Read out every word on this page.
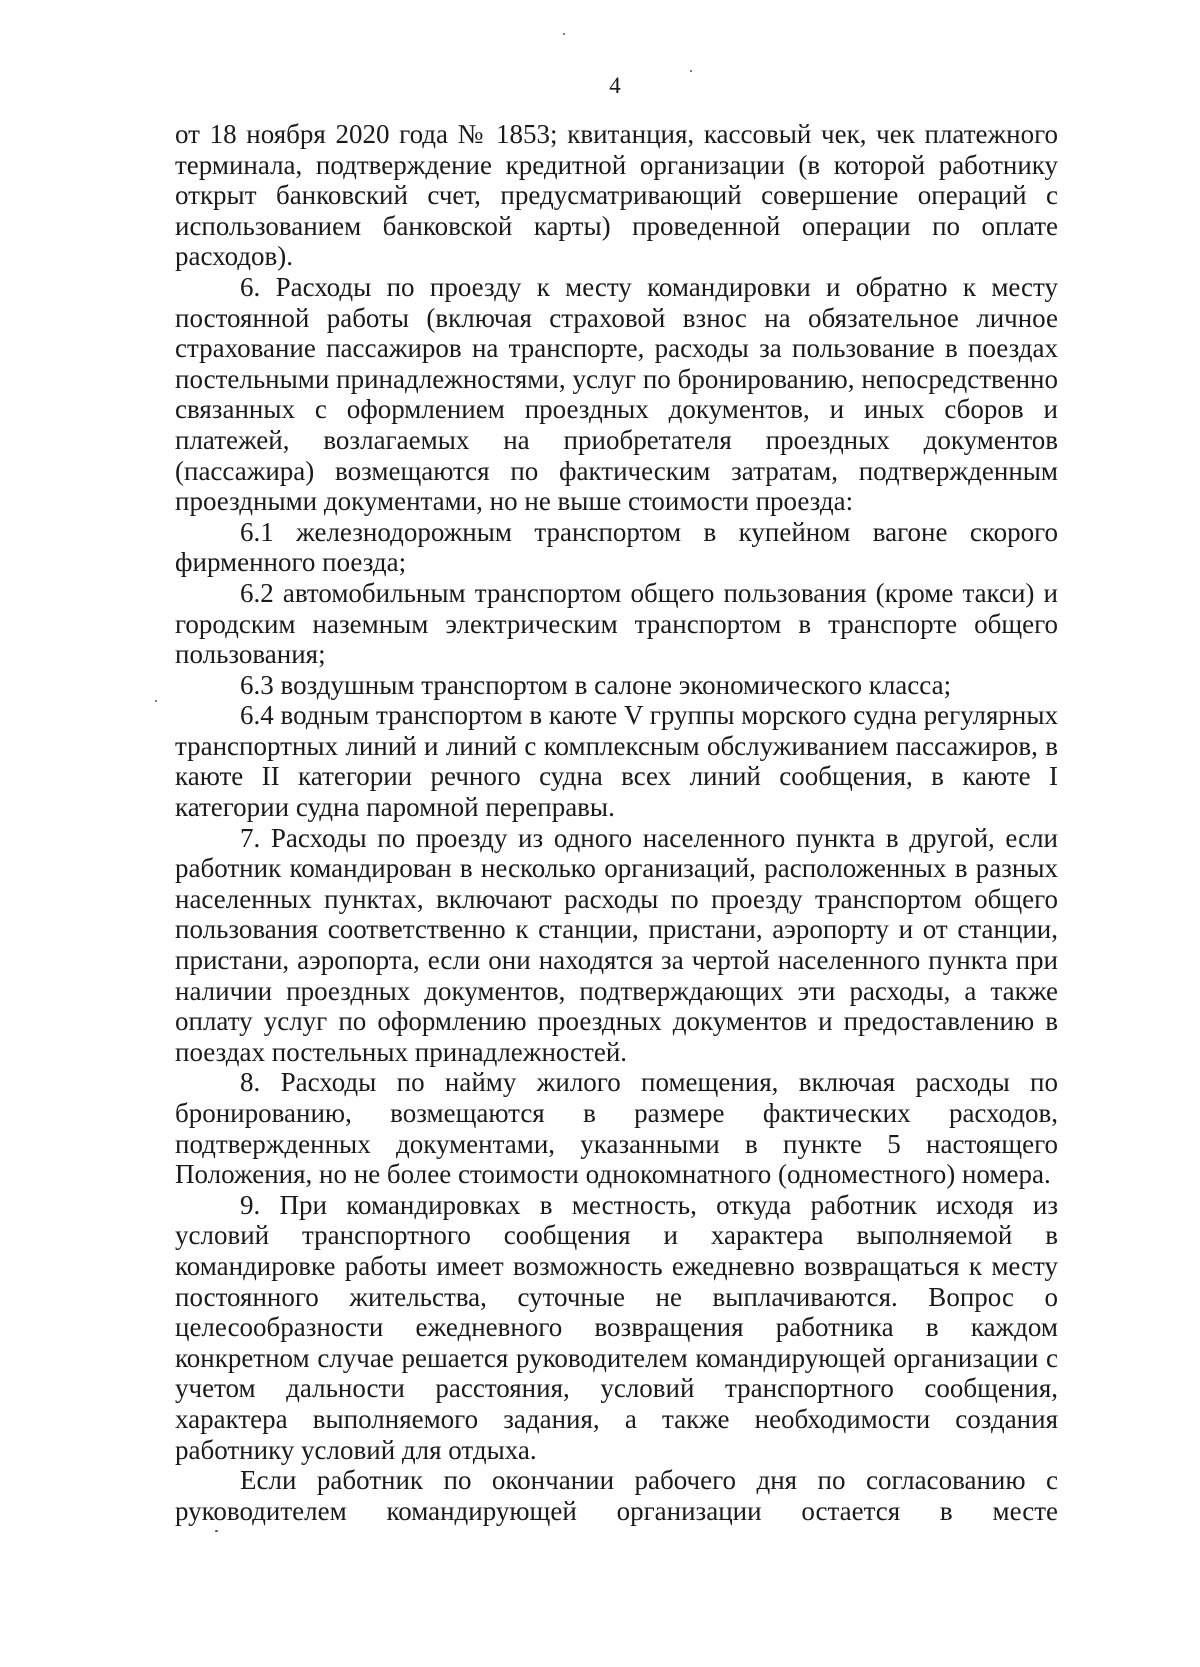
4

от 18 ноября 2020 года № 1853; квитанция, кассовый чек, чек платежного терминала, подтверждение кредитной организации (в которой работнику открыт банковский счет, предусматривающий совершение операций с использованием банковской карты) проведенной операции по оплате расходов).

6. Расходы по проезду к месту командировки и обратно к месту постоянной работы (включая страховой взнос на обязательное личное страхование пассажиров на транспорте, расходы за пользование в поездах постельными принадлежностями, услуг по бронированию, непосредственно связанных с оформлением проездных документов, и иных сборов и платежей, возлагаемых на приобретателя проездных документов (пассажира) возмещаются по фактическим затратам, подтвержденным проездными документами, но не выше стоимости проезда:

6.1 железнодорожным транспортом в купейном вагоне скорого фирменного поезда;

6.2 автомобильным транспортом общего пользования (кроме такси) и городским наземным электрическим транспортом в транспорте общего пользования;

6.3 воздушным транспортом в салоне экономического класса;

6.4 водным транспортом в каюте V группы морского судна регулярных транспортных линий и линий с комплексным обслуживанием пассажиров, в каюте II категории речного судна всех линий сообщения, в каюте I категории судна паромной переправы.

7. Расходы по проезду из одного населенного пункта в другой, если работник командирован в несколько организаций, расположенных в разных населенных пунктах, включают расходы по проезду транспортом общего пользования соответственно к станции, пристани, аэропорту и от станции, пристани, аэропорта, если они находятся за чертой населенного пункта при наличии проездных документов, подтверждающих эти расходы, а также оплату услуг по оформлению проездных документов и предоставлению в поездах постельных принадлежностей.

8. Расходы по найму жилого помещения, включая расходы по бронированию, возмещаются в размере фактических расходов, подтвержденных документами, указанными в пункте 5 настоящего Положения, но не более стоимости однокомнатного (одноместного) номера.

9. При командировках в местность, откуда работник исходя из условий транспортного сообщения и характера выполняемой в командировке работы имеет возможность ежедневно возвращаться к месту постоянного жительства, суточные не выплачиваются. Вопрос о целесообразности ежедневного возвращения работника в каждом конкретном случае решается руководителем командирующей организации с учетом дальности расстояния, условий транспортного сообщения, характера выполняемого задания, а также необходимости создания работнику условий для отдыха.

Если работник по окончании рабочего дня по согласованию с руководителем командирующей организации остается в месте
